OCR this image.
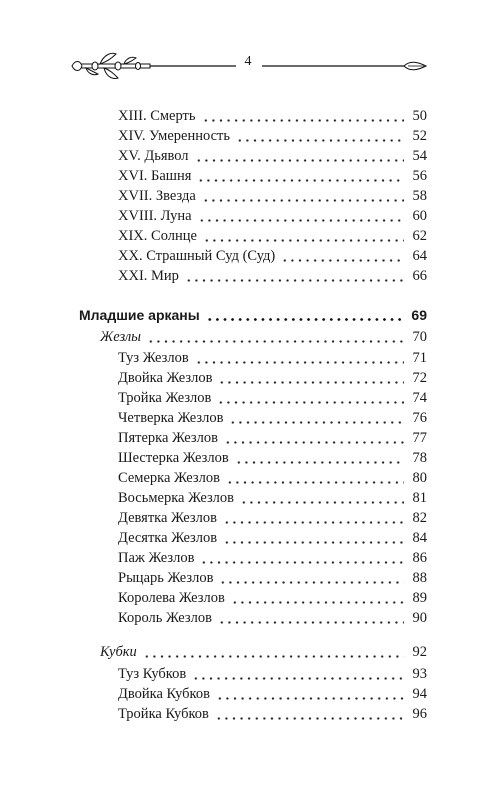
4
XIII. Смерть	50
XIV. Умеренность	52
XV. Дьявол	54
XVI. Башня	56
XVII. Звезда	58
XVIII. Луна	60
XIX. Солнце	62
XX. Страшный Суд (Суд)	64
XXI. Мир	66
Младшие арканы	69
Жезлы	70
Туз Жезлов	71
Двойка Жезлов	72
Тройка Жезлов	74
Четверка Жезлов	76
Пятерка Жезлов	77
Шестерка Жезлов	78
Семерка Жезлов	80
Восьмерка Жезлов	81
Девятка Жезлов	82
Десятка Жезлов	84
Паж Жезлов	86
Рыцарь Жезлов	88
Королева Жезлов	89
Король Жезлов	90
Кубки	92
Туз Кубков	93
Двойка Кубков	94
Тройка Кубков	96
